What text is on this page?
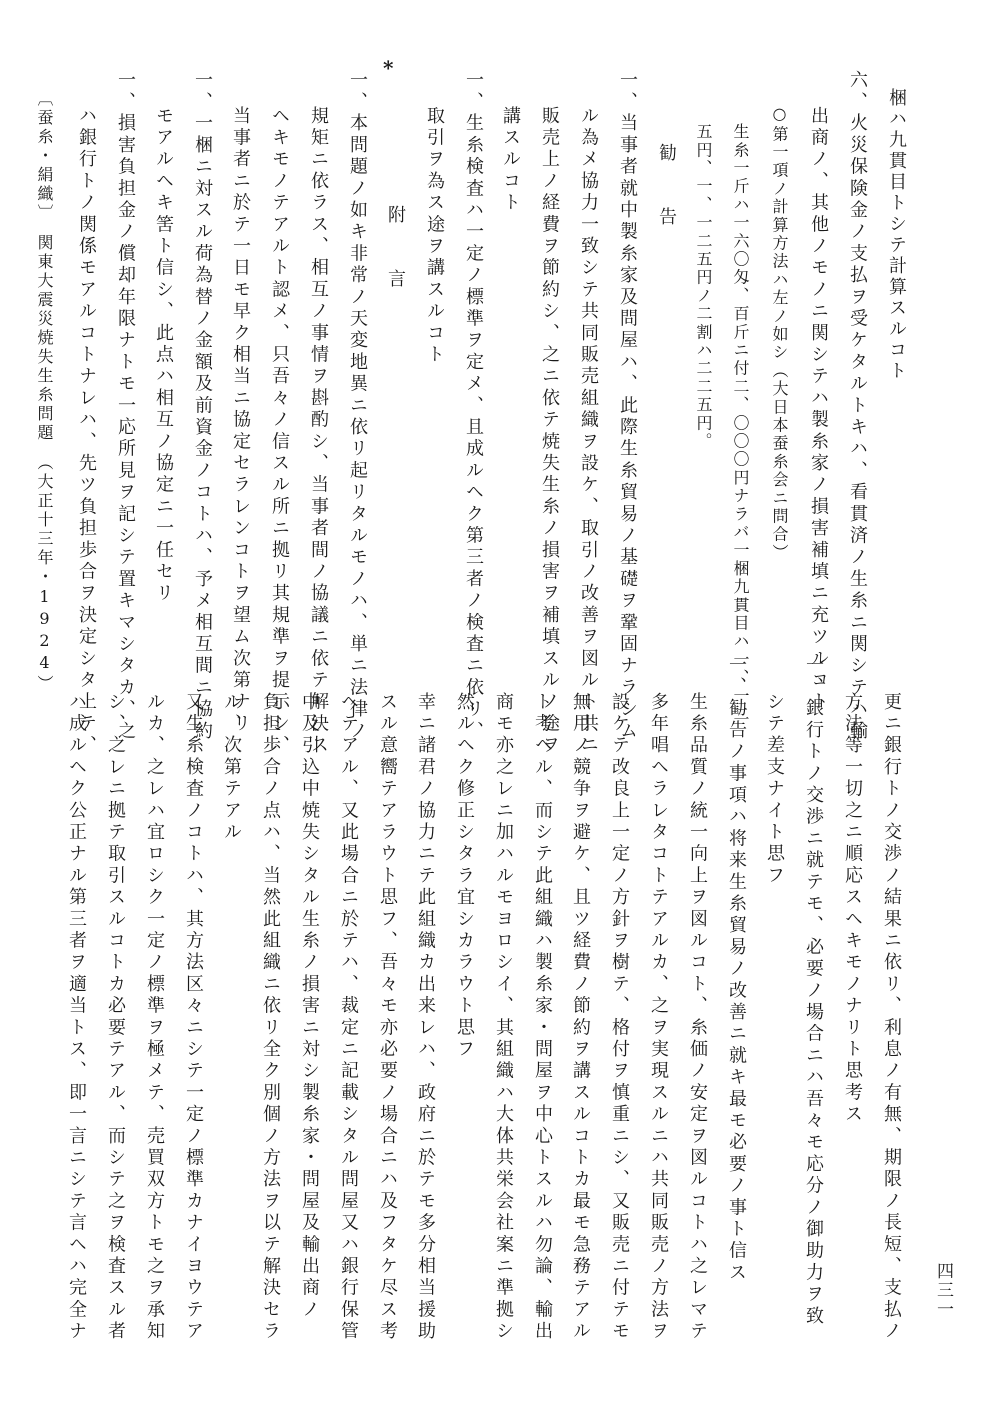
梱ハ九貫目トシテ計算スルコト
六、火災保険金ノ支払ヲ受ケタルトキハ、看貫済ノ生糸ニ関シテハ輸
出商ノ、其他ノモノニ関シテハ製糸家ノ損害補填ニ充ツルコト
○第一項ノ計算方法ハ左ノ如シ（大日本蚕糸会ニ問合）
生糸一斤ハ一六〇匁、百斤ニ付二、〇〇〇円ナラバ一梱九貫目ハ一、一二
五円、一、一二五円ノ二割ハ二二五円。
勧　告
一、当事者就中製糸家及問屋ハ、此際生糸貿易ノ基礎ヲ鞏固ナラシム
ル為メ協力一致シテ共同販売組織ヲ設ケ、取引ノ改善ヲ図ルト共ニ
販売上ノ経費ヲ節約シ、之ニ依テ焼失生糸ノ損害ヲ補填スルノ途ヲ
講スルコト
一、生糸検査ハ一定ノ標準ヲ定メ、且成ルヘク第三者ノ検査ニ依リ、
取引ヲ為ス途ヲ講スルコト
附　言
*
一、本問題ノ如キ非常ノ天変地異ニ依リ起リタルモノハ、単ニ法律ノ
規矩ニ依ラス、相互ノ事情ヲ斟酌シ、当事者間ノ協議ニ依テ解決ス
ヘキモノテアルト認メ、只吾々ノ信スル所ニ拠リ其規準ヲ提示シ、
当事者ニ於テ一日モ早ク相当ニ協定セラレンコトヲ望ム次第ナリ
一、一梱ニ対スル荷為替ノ金額及前資金ノコトハ、予メ相互間ニ協約
モアルヘキ筈ト信シ、此点ハ相互ノ協定ニ一任セリ
一、損害負担金ノ償却年限ナトモ一応所見ヲ記シテ置キマシタカ、之
ハ銀行トノ関係モアルコトナレハ、先ツ負担歩合ヲ決定シタ上テ、
〔蚕糸・絹織〕　関東大震災焼失生糸問題　（大正十三年・1924）
更ニ銀行トノ交渉ノ結果ニ依リ、利息ノ有無、期限ノ長短、支払ノ
方法等一切之ニ順応スヘキモノナリト思考ス
一、銀行トノ交渉ニ就テモ、必要ノ場合ニハ吾々モ応分ノ御助力ヲ致
シテ差支ナイト思フ
一、勧告ノ事項ハ将来生糸貿易ノ改善ニ就キ最モ必要ノ事ト信ス
生糸品質ノ統一向上ヲ図ルコト、糸価ノ安定ヲ図ルコトハ之レマテ
多年唱ヘラレタコトテアルカ、之ヲ実現スルニハ共同販売ノ方法ヲ
設ケテ改良上一定ノ方針ヲ樹テ、格付ヲ慎重ニシ、又販売ニ付テモ
無用ノ競争ヲ避ケ、且ツ経費ノ節約ヲ講スルコトカ最モ急務テアル
ト考ヘル、而シテ此組織ハ製糸家・問屋ヲ中心トスルハ勿論、輸出
商モ亦之レニ加ハルモヨロシイ、其組織ハ大体共栄会社案ニ準拠シ
然ルヘク修正シタラ宜シカラウト思フ
幸ニ諸君ノ協力ニテ此組織カ出来レハ、政府ニ於テモ多分相当援助
スル意嚮テアラウト思フ、吾々モ亦必要ノ場合ニハ及フタケ尽ス考
ヘテアル、又此場合ニ於テハ、裁定ニ記載シタル問屋又ハ銀行保管
中及引込中焼失シタル生糸ノ損害ニ対シ製糸家・問屋及輸出商ノ
負担歩合ノ点ハ、当然此組織ニ依リ全ク別個ノ方法ヲ以テ解決セラ
ル、次第テアル
又生糸検査ノコトハ、其方法区々ニシテ一定ノ標準カナイヨウテア
ルカ、之レハ宜ロシク一定ノ標準ヲ極メテ、売買双方トモ之ヲ承知
シ、之レニ拠テ取引スルコトカ必要テアル、而シテ之ヲ検査スル者
ハ成ルヘク公正ナル第三者ヲ適当トス、即一言ニシテ言ヘハ完全ナ	四三一
